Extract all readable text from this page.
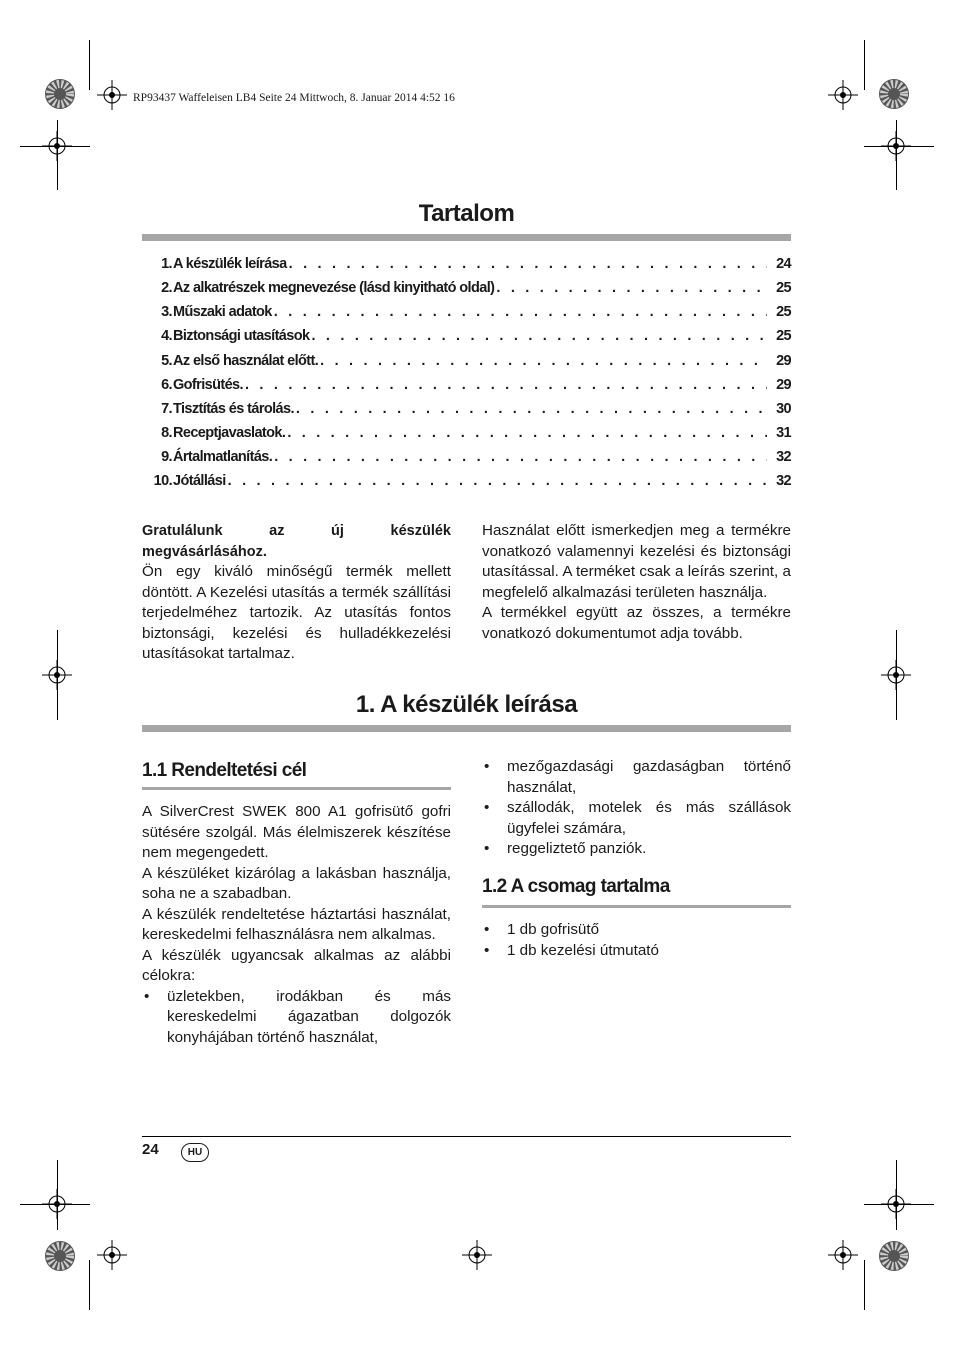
RP93437 Waffeleisen LB4 Seite 24 Mittwoch, 8. Januar 2014 4:52 16
Tartalom
1. A készülék leírása . . .	24
2. Az alkatrészek megnevezése (lásd kinyitható oldal) . . .	25
3. Műszaki adatok . . .	25
4. Biztonsági utasítások . . .	25
5. Az első használat előtt. . . .	29
6. Gofrisütés. . . .	29
7. Tisztítás és tárolás. . . .	30
8. Receptjavaslatok. . . .	31
9. Ártalmatlanítás. . . .	32
10. Jótállási . . .	32

Gratulálunk az új készülék megvásárlásához.

Ön egy kiváló minőségű termék mellett döntött. A Kezelési utasítás a termék szállítási terjedelméhez tartozik. Az utasítás fontos biztonsági, kezelési és hulladékkezelési utasításokat tartalmaz.

Használat előtt ismerkedjen meg a termékre vonatkozó valamennyi kezelési és biztonsági utasítással. A terméket csak a leírás szerint, a megfelelő alkalmazási területen használja.

A termékkel együtt az összes, a termékre vonatkozó dokumentumot adja tovább.

1. A készülék leírása
1.1 Rendeltetési cél

A SilverCrest SWEK 800 A1 gofrisütő gofri sütésére szolgál. Más élelmiszerek készítése nem megengedett.

A készüléket kizárólag a lakásban használja, soha ne a szabadban.

A készülék rendeltetése háztartási használat, kereskedelmi felhasználásra nem alkalmas.

A készülék ugyancsak alkalmas az alábbi célokra:

• üzletekben, irodákban és más kereskedelmi ágazatban dolgozók konyhájában történő használat,
• mezőgazdasági gazdaságban történő használat,
• szállodák, motelek és más szállások ügyfelei számára,
• reggeliztető panziók.
1.2 A csomag tartalma
• 1 db gofrisütő
• 1 db kezelési útmutató
24	HU
